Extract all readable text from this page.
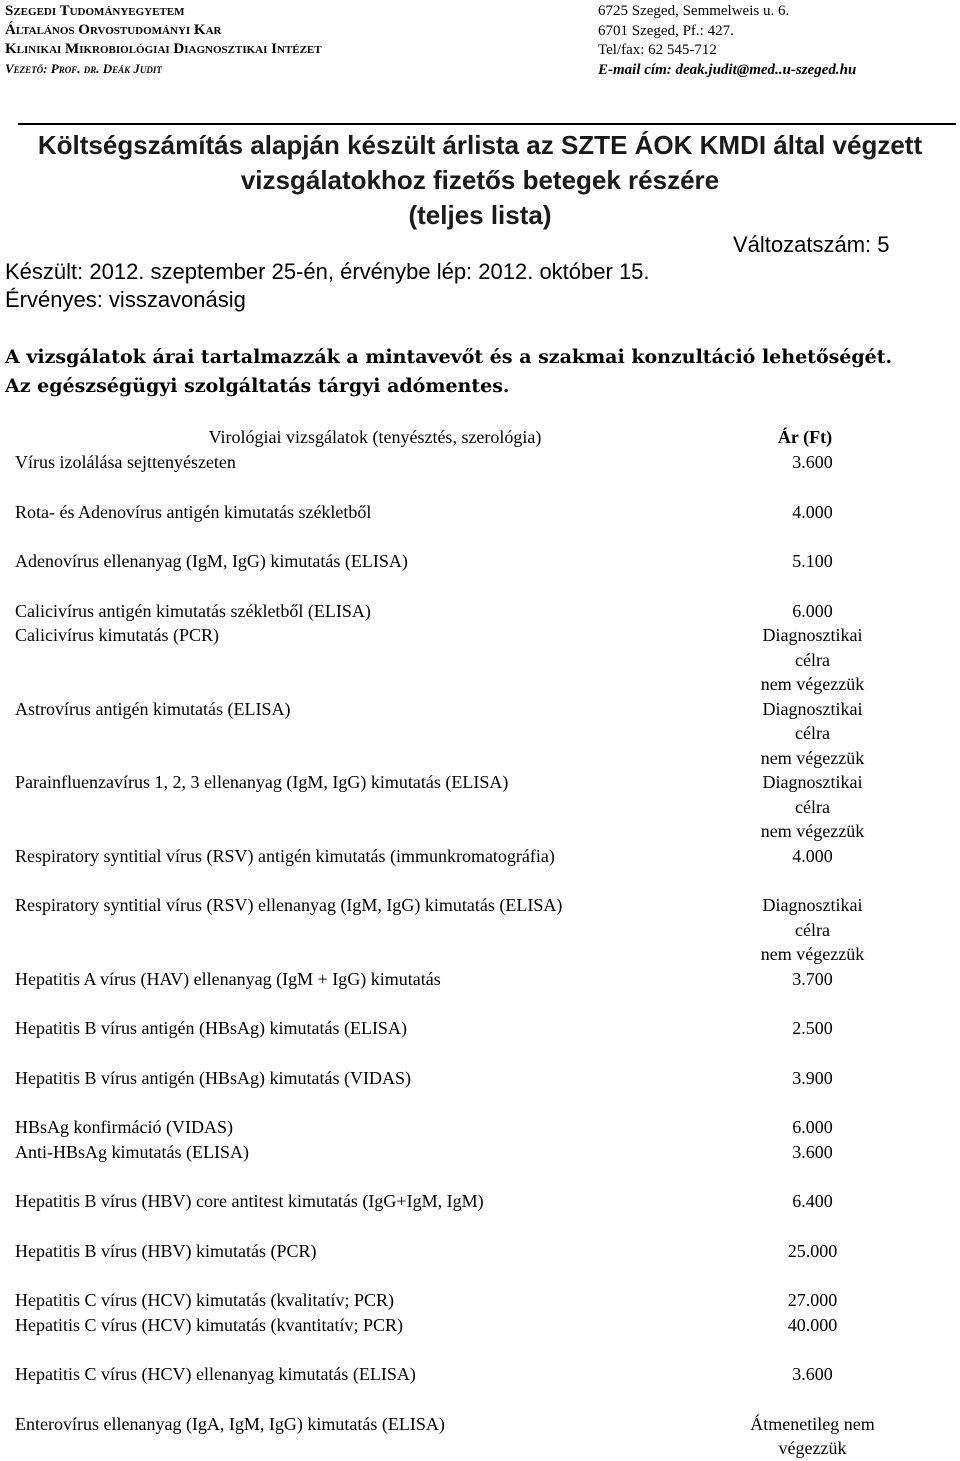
Szegedi Tudományegyetem
Általános Orvostudományi Kar
Klinikai Mikrobiológiai Diagnosztikai Intézet
Vezető: Prof. dr. Deák Judit
6725 Szeged, Semmelweis u. 6.
6701 Szeged, Pf.: 427.
Tel/fax: 62 545-712
E-mail cím: deak.judit@med..u-szeged.hu
Költségszámítás alapján készült árlista az SZTE ÁOK KMDI által végzett
vizsgálatokhoz fizetős betegek részére
(teljes lista)
Változatszám: 5
Készült: 2012. szeptember 25-én, érvénybe lép: 2012. október 15.
Érvényes: visszavonásig
A vizsgálatok árai tartalmazzák a mintavevőt és a szakmai konzultáció lehetőségét.
Az egészségügyi szolgáltatás tárgyi adómentes.
Virológiai vizsgálatok (tenyésztés, szerológia)	Ár (Ft)
Vírus izolálása sejttenyészeten	3.600
Rota- és Adenovírus antigén kimutatás székletből	4.000
Adenovírus ellenanyag (IgM, IgG) kimutatás (ELISA)	5.100
Calicivírus antigén kimutatás székletből (ELISA)	6.000
Calicivírus kimutatás (PCR)	Diagnosztikai célra
nem végezzük
Astrovírus antigén kimutatás (ELISA)	Diagnosztikai célra
nem végezzük
Parainfluenzavírus 1, 2, 3 ellenanyag (IgM, IgG) kimutatás (ELISA)	Diagnosztikai célra
nem végezzük
Respiratory syntitial vírus (RSV) antigén kimutatás (immunkromatográfia)	4.000
Respiratory syntitial vírus (RSV) ellenanyag (IgM, IgG) kimutatás (ELISA)	Diagnosztikai célra
nem végezzük
Hepatitis A vírus (HAV) ellenanyag (IgM + IgG) kimutatás	3.700
Hepatitis B vírus antigén (HBsAg) kimutatás (ELISA)	2.500
Hepatitis B vírus antigén (HBsAg) kimutatás (VIDAS)	3.900
HBsAg konfirmáció (VIDAS)	6.000
Anti-HBsAg kimutatás (ELISA)	3.600
Hepatitis B vírus (HBV) core antitest kimutatás (IgG+IgM, IgM)	6.400
Hepatitis B vírus (HBV) kimutatás (PCR)	25.000
Hepatitis C vírus (HCV) kimutatás (kvalitatív; PCR)	27.000
Hepatitis C vírus (HCV) kimutatás (kvantitatív; PCR)	40.000
Hepatitis C vírus (HCV) ellenanyag kimutatás (ELISA)	3.600
Enterovírus ellenanyag (IgA, IgM, IgG) kimutatás (ELISA)	Átmenetileg nem
végezzük
